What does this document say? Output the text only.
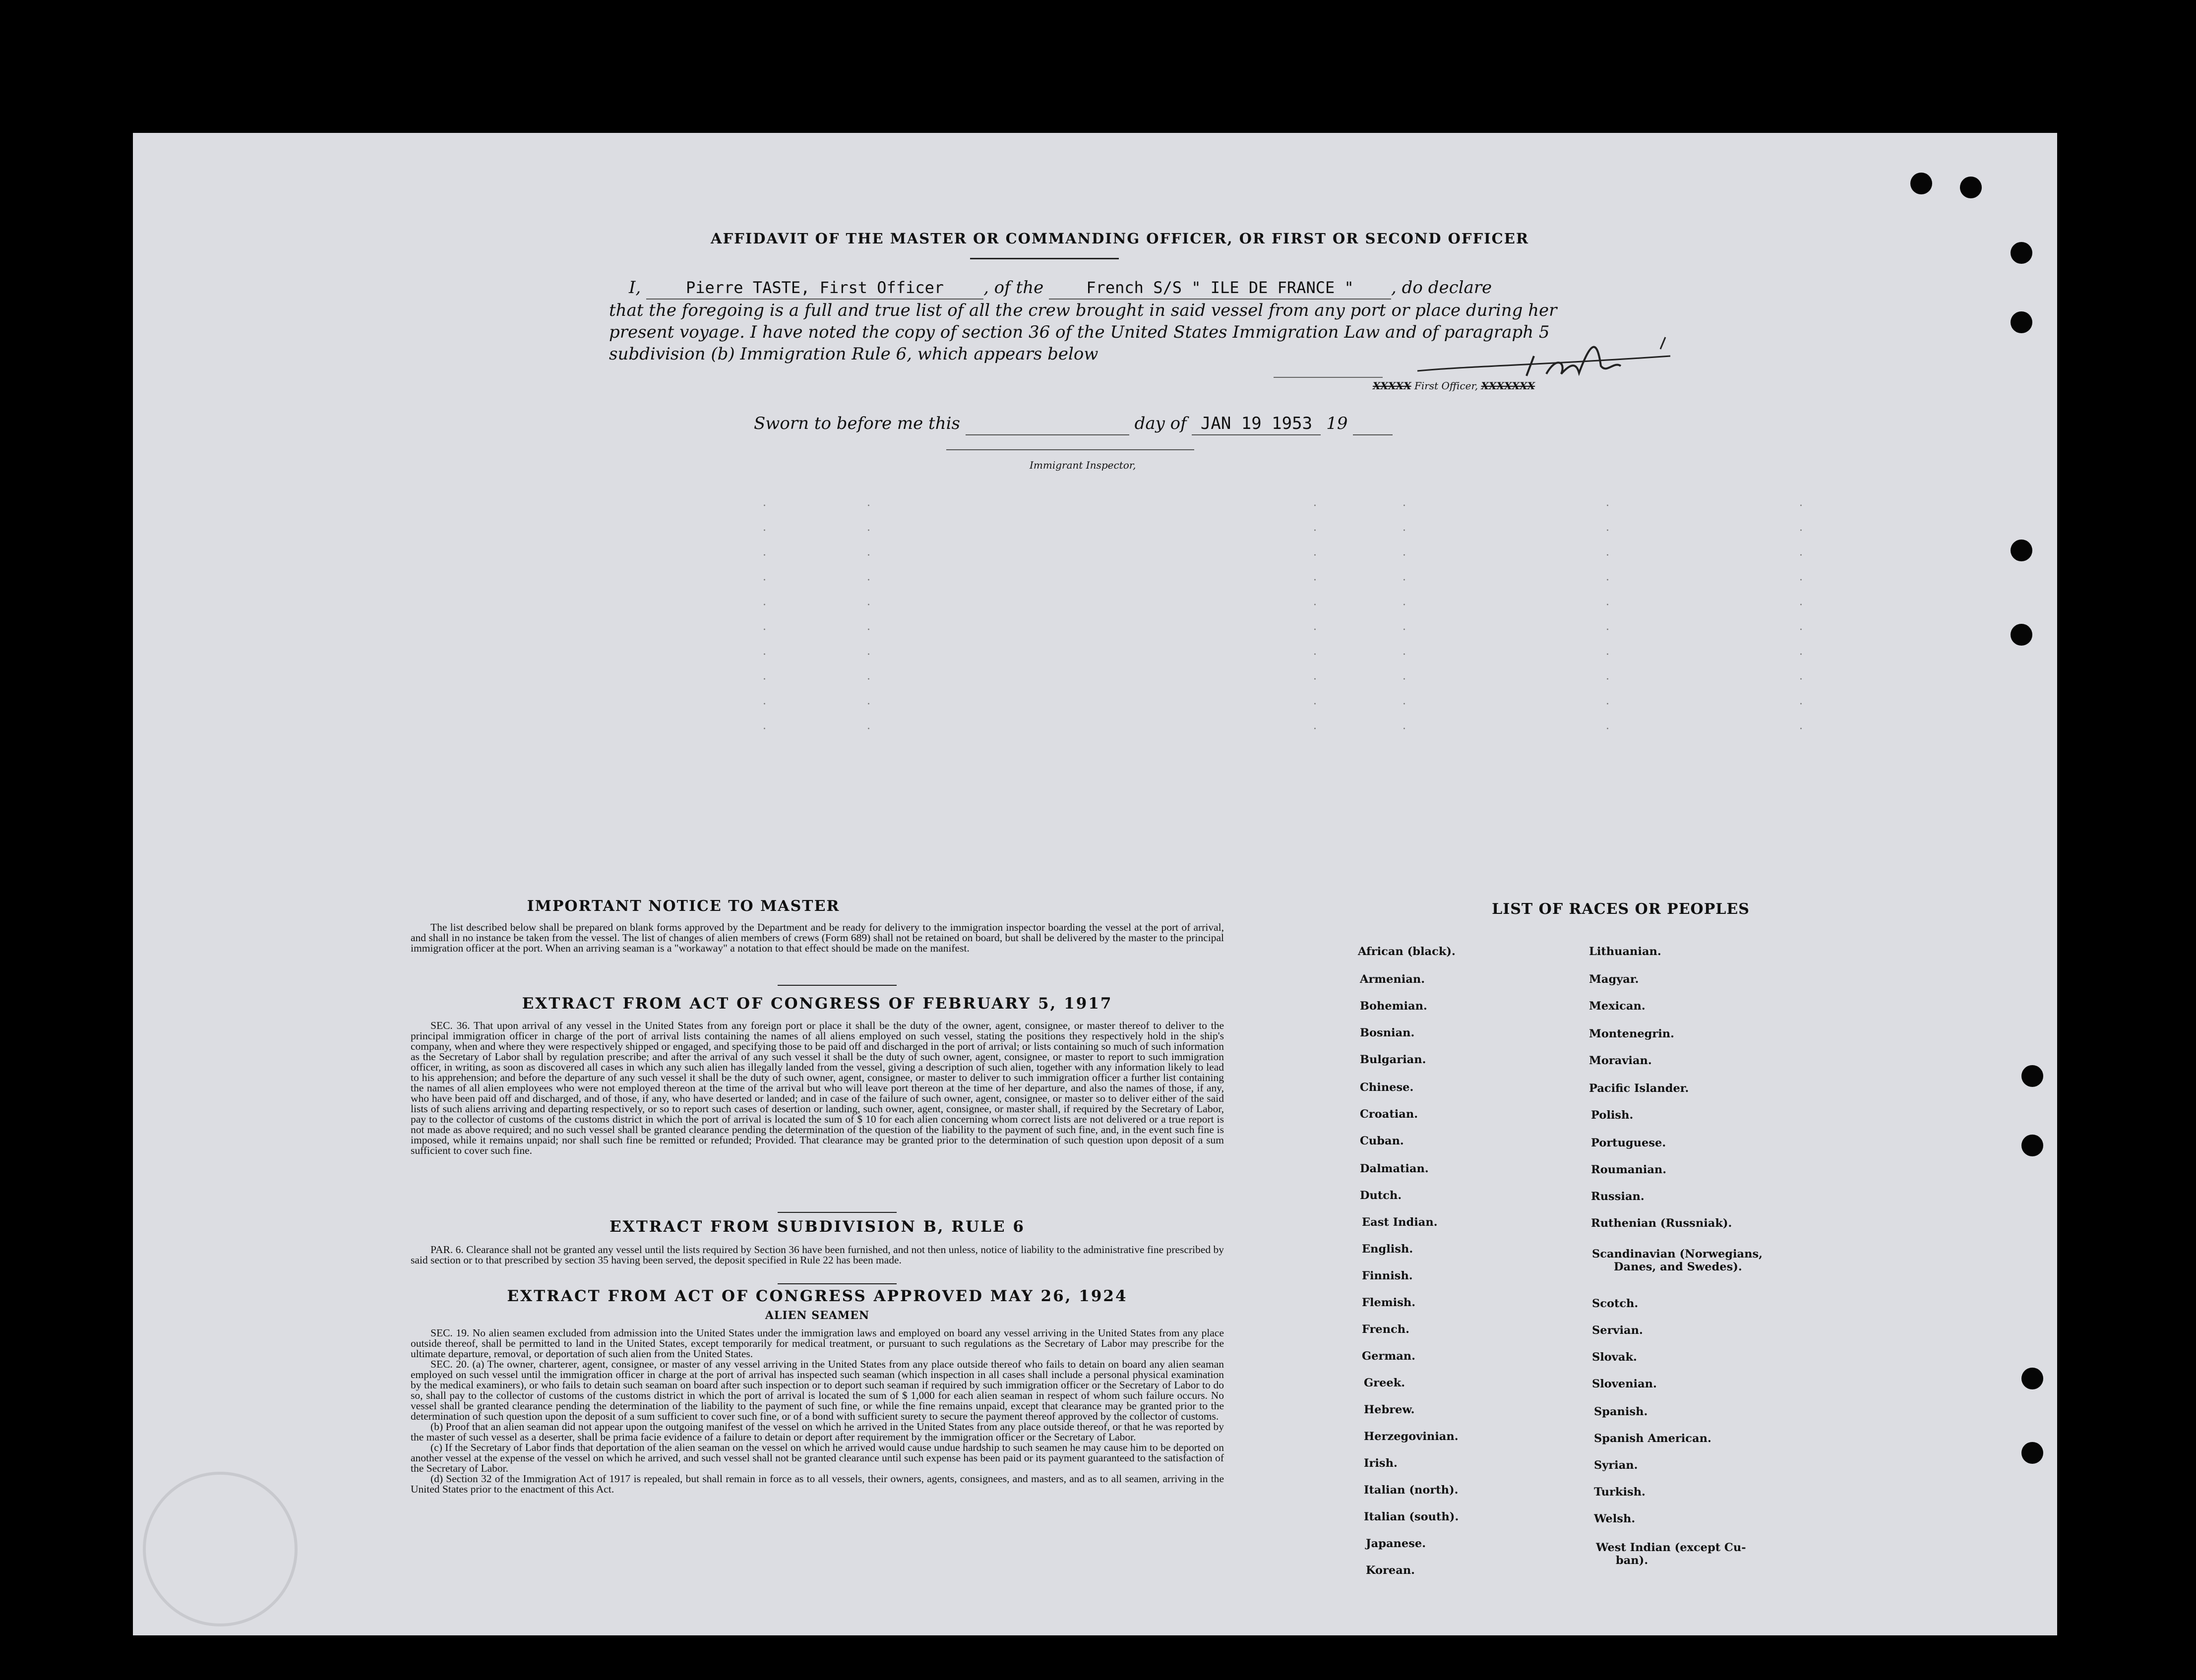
·

·

·

·

·

·

·

·

·

·
·

·

·

·

·

·

·

·

·

·
·

·

·

·

·

·

·

·

·

·
·

·

·

·

·

·

·

·

·

·
·

·

·

·

·

·

·

·

·

·
·

·

·

·

·

·

·

·

·

·
AFFIDAVIT OF THE MASTER OR COMMANDING OFFICER, OR FIRST OR SECOND OFFICER
I,	Pierre TASTE, First Officer , of the	French S/S " ILE DE FRANCE " , do declare
that the foregoing is a full and true list of all the crew brought in said vessel from any port or place during her
present voyage. I have noted the copy of section 36 of the United States Immigration Law and of paragraph 5
subdivision (b) Immigration Rule 6, which appears below
XXXXX First Officer, XXXXXXX
Sworn to before me this	day of JAN 19 1953 19
Immigrant Inspector,
IMPORTANT NOTICE TO MASTER

The list described below shall be prepared on blank forms approved by the Department and be ready for delivery to the immigration inspector boarding the vessel at the port of arrival, and shall in no instance be taken from the vessel. The list of changes of alien members of crews (Form 689) shall not be retained on board, but shall be delivered by the master to the principal immigration officer at the port. When an arriving seaman is a "workaway" a notation to that effect should be made on the manifest.

EXTRACT FROM ACT OF CONGRESS OF FEBRUARY 5, 1917

SEC. 36. That upon arrival of any vessel in the United States from any foreign port or place it shall be the duty of the owner, agent, consignee, or master thereof to deliver to the principal immigration officer in charge of the port of arrival lists containing the names of all aliens employed on such vessel, stating the positions they respectively hold in the ship's company, when and where they were respectively shipped or engaged, and specifying those to be paid off and discharged in the port of arrival; or lists containing so much of such information as the Secretary of Labor shall by regulation prescribe; and after the arrival of any such vessel it shall be the duty of such owner, agent, consignee, or master to report to such immigration officer, in writing, as soon as discovered all cases in which any such alien has illegally landed from the vessel, giving a description of such alien, together with any information likely to lead to his apprehension; and before the departure of any such vessel it shall be the duty of such owner, agent, consignee, or master to deliver to such immigration officer a further list containing the names of all alien employees who were not employed thereon at the time of the arrival but who will leave port thereon at the time of her departure, and also the names of those, if any, who have been paid off and discharged, and of those, if any, who have deserted or landed; and in case of the failure of such owner, agent, consignee, or master so to deliver either of the said lists of such aliens arriving and departing respectively, or so to report such cases of desertion or landing, such owner, agent, consignee, or master shall, if required by the Secretary of Labor, pay to the collector of customs of the customs district in which the port of arrival is located the sum of $ 10 for each alien concerning whom correct lists are not delivered or a true report is not made as above required; and no such vessel shall be granted clearance pending the determination of the question of the liability to the payment of such fine, and, in the event such fine is imposed, while it remains unpaid; nor shall such fine be remitted or refunded; Provided. That clearance may be granted prior to the determination of such question upon deposit of a sum sufficient to cover such fine.

EXTRACT FROM SUBDIVISION B, RULE 6

PAR. 6. Clearance shall not be granted any vessel until the lists required by Section 36 have been furnished, and not then unless, notice of liability to the administrative fine prescribed by said section or to that prescribed by section 35 having been served, the deposit specified in Rule 22 has been made.

EXTRACT FROM ACT OF CONGRESS APPROVED MAY 26, 1924
ALIEN SEAMEN

SEC. 19. No alien seamen excluded from admission into the United States under the immigration laws and employed on board any vessel arriving in the United States from any place outside thereof, shall be permitted to land in the United States, except temporarily for medical treatment, or pursuant to such regulations as the Secretary of Labor may prescribe for the ultimate departure, removal, or deportation of such alien from the United States.

SEC. 20. (a) The owner, charterer, agent, consignee, or master of any vessel arriving in the United States from any place outside thereof who fails to detain on board any alien seaman employed on such vessel until the immigration officer in charge at the port of arrival has inspected such seaman (which inspection in all cases shall include a personal physical examination by the medical examiners), or who fails to detain such seaman on board after such inspection or to deport such seaman if required by such immigration officer or the Secretary of Labor to do so, shall pay to the collector of customs of the customs district in which the port of arrival is located the sum of $ 1,000 for each alien seaman in respect of whom such failure occurs. No vessel shall be granted clearance pending the determination of the liability to the payment of such fine, or while the fine remains unpaid, except that clearance may be granted prior to the determination of such question upon the deposit of a sum sufficient to cover such fine, or of a bond with sufficient surety to secure the payment thereof approved by the collector of customs.

(b) Proof that an alien seaman did not appear upon the outgoing manifest of the vessel on which he arrived in the United States from any place outside thereof, or that he was reported by the master of such vessel as a deserter, shall be prima facie evidence of a failure to detain or deport after requirement by the immigration officer or the Secretary of Labor.

(c) If the Secretary of Labor finds that deportation of the alien seaman on the vessel on which he arrived would cause undue hardship to such seamen he may cause him to be deported on another vessel at the expense of the vessel on which he arrived, and such vessel shall not be granted clearance until such expense has been paid or its payment guaranteed to the satisfaction of the Secretary of Labor.

(d) Section 32 of the Immigration Act of 1917 is repealed, but shall remain in force as to all vessels, their owners, agents, consignees, and masters, and as to all seamen, arriving in the United States prior to the enactment of this Act.

LIST OF RACES OR PEOPLES
African (black).
Armenian.
Bohemian.
Bosnian.
Bulgarian.
Chinese.
Croatian.
Cuban.
Dalmatian.
Dutch.
East Indian.
English.
Finnish.
Flemish.
French.
German.
Greek.
Hebrew.
Herzegovinian.
Irish.
Italian (north).
Italian (south).
Japanese.
Korean.
Lithuanian.
Magyar.
Mexican.
Montenegrin.
Moravian.
Pacific Islander.
Polish.
Portuguese.
Roumanian.
Russian.
Ruthenian (Russniak).
Scandinavian (Norwegians,
Danes, and Swedes).
Scotch.
Servian.
Slovak.
Slovenian.
Spanish.
Spanish American.
Syrian.
Turkish.
Welsh.
West Indian (except Cu-
ban).
